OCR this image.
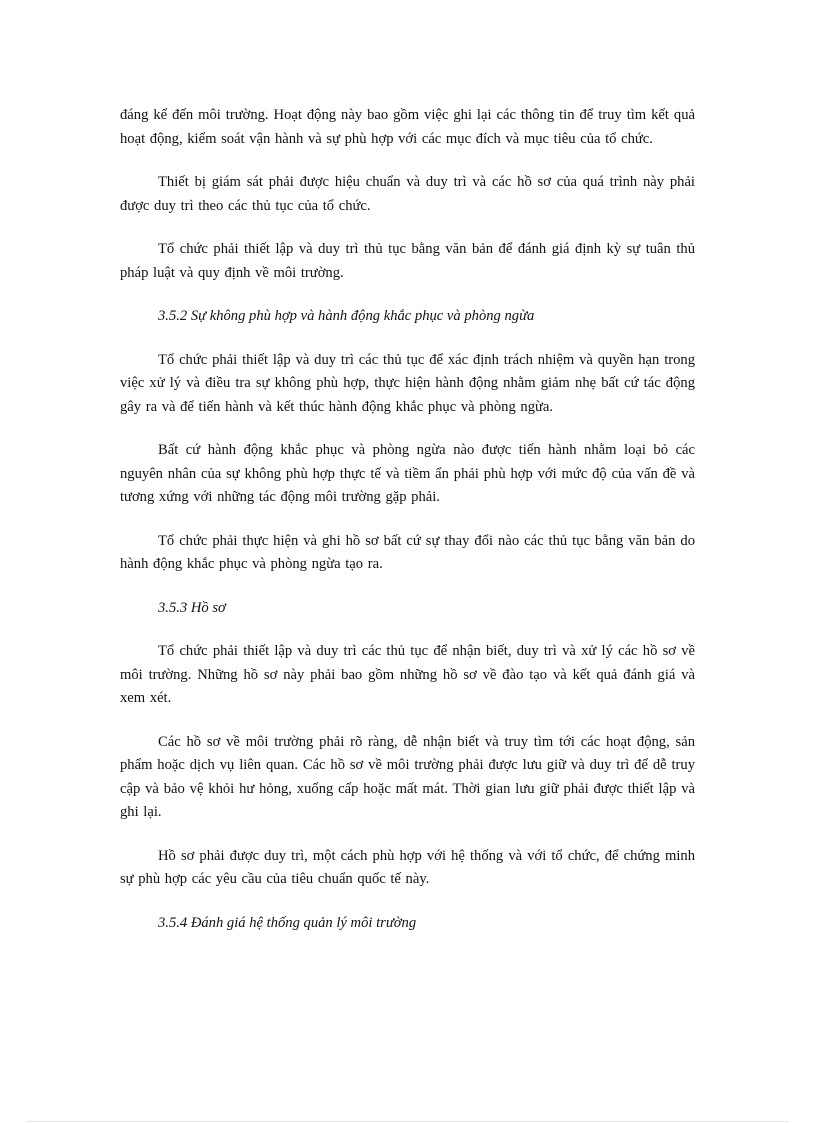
đáng kể đến môi trường. Hoạt động này bao gồm việc ghi lại các thông tin để truy tìm kết quả hoạt động, kiểm soát vận hành và sự phù hợp với các mục đích và mục tiêu của tổ chức.

Thiết bị giám sát phải được hiệu chuẩn và duy trì và các hồ sơ của quá trình này phải được duy trì theo các thủ tục của tổ chức.

Tổ chức phải thiết lập và duy trì thủ tục bằng văn bản để đánh giá định kỳ sự tuân thủ pháp luật và quy định về môi trường.

3.5.2 Sự không phù hợp và hành động khắc phục và phòng ngừa

Tổ chức phải thiết lập và duy trì các thủ tục để xác định trách nhiệm và quyền hạn trong việc xử lý và điều tra sự không phù hợp, thực hiện hành động nhằm giảm nhẹ bất cứ tác động gây ra và để tiến hành và kết thúc hành động khắc phục và phòng ngừa.

Bất cứ hành động khắc phục và phòng ngừa nào được tiến hành nhằm loại bỏ các nguyên nhân của sự không phù hợp thực tế và tiềm ẩn phải phù hợp với mức độ của vấn đề và tương xứng với những tác động môi trường gặp phải.

Tổ chức phải thực hiện và ghi hồ sơ bất cứ sự thay đổi nào các thủ tục bằng văn bản do hành động khắc phục và phòng ngừa tạo ra.

3.5.3 Hồ sơ

Tổ chức phải thiết lập và duy trì các thủ tục để nhận biết, duy trì và xử lý các hồ sơ về môi trường. Những hồ sơ này phải bao gồm những hồ sơ về đào tạo và kết quả đánh giá và xem xét.

Các hồ sơ về môi trường phải rõ ràng, dễ nhận biết và truy tìm tới các hoạt động, sản phẩm hoặc dịch vụ liên quan. Các hồ sơ về môi trường phải được lưu giữ và duy trì để dễ truy cập và bảo vệ khỏi hư hỏng, xuống cấp hoặc mất mát. Thời gian lưu giữ phải được thiết lập và ghi lại.

Hồ sơ phải được duy trì, một cách phù hợp với hệ thống và với tổ chức, để chứng minh sự phù hợp các yêu cầu của tiêu chuẩn quốc tế này.

3.5.4 Đánh giá hệ thống quản lý môi trường
